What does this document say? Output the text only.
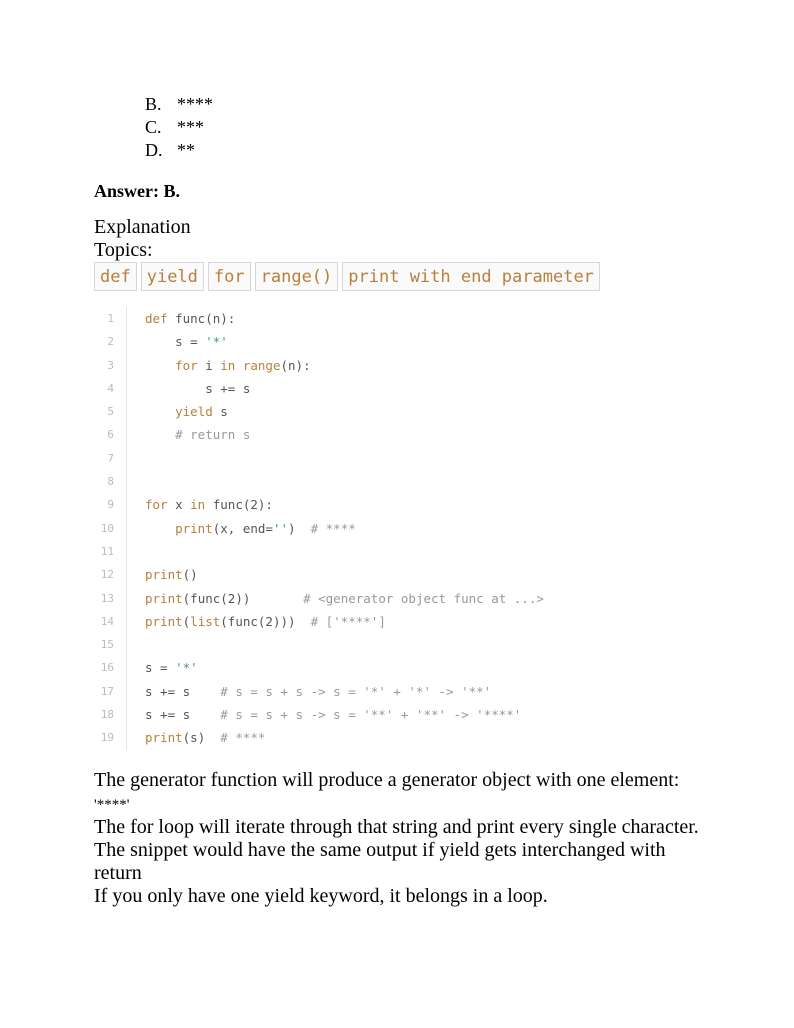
B. ****
C. ***
D. **
Answer: B.
Explanation
Topics:
def yield for range() print with end parameter
1 def func(n):
2 s = '*'
3	for i in range(n):
4 s += s
5	yield s
6	# return s
7
8
9 for x in func(2):
10	print(x, end='')  # ****
11
12 print()
13 print(func(2))       # <generator object func at ...>
14 print(list(func(2)))  # ['****']
15
16 s = '*'
17 s += s    # s = s + s -> s = '*' + '*' -> '**'
18 s += s    # s = s + s -> s = '**' + '**' -> '****'
19 print(s)  # ****
The generator function will produce a generator object with one element:
'****'
The for loop will iterate through that string and print every single character.
The snippet would have the same output if yield gets interchanged with
return
If you only have one yield keyword, it belongs in a loop.
